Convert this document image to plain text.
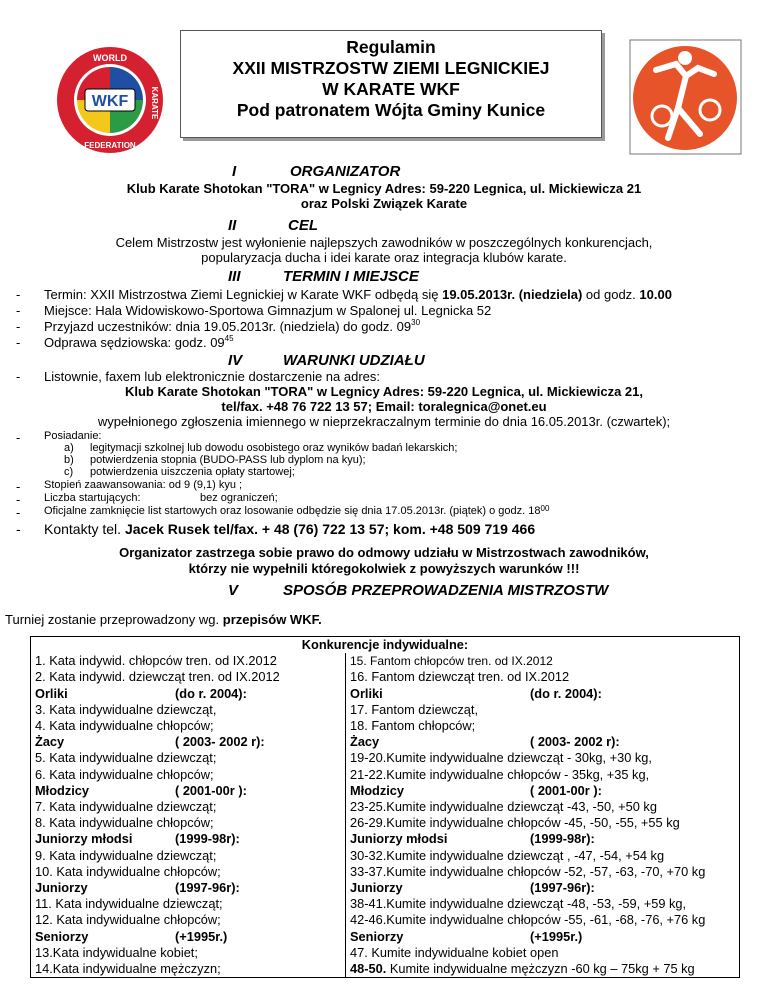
WKF
WORLD
KARATE
FEDERATION
Regulamin
XXII MISTRZOSTW ZIEMI LEGNICKIEJ
W KARATE WKF
Pod patronatem Wójta Gminy Kunice
I	ORGANIZATOR
Klub Karate Shotokan "TORA" w Legnicy Adres: 59-220 Legnica, ul. Mickiewicza 21
oraz Polski Związek Karate
II	CEL
Celem Mistrzostw jest wyłonienie najlepszych zawodników w poszczególnych konkurencjach,
popularyzacja ducha i idei karate oraz integracja klubów karate.
III	TERMIN I MIEJSCE
- Termin: XXII Mistrzostwa Ziemi Legnickiej w Karate WKF odbędą się 19.05.2013r. (niedziela) od godz. 10.00
- Miejsce: Hala Widowiskowo-Sportowa Gimnazjum w Spalonej ul. Legnicka 52
- Przyjazd uczestników: dnia 19.05.2013r. (niedziela) do godz. $09^{30}$
- Odprawa sędziowska: godz. $09^{45}$
IV	WARUNKI UDZIAŁU
- Listownie, faxem lub elektronicznie dostarczenie na adres:
Klub Karate Shotokan "TORA" w Legnicy Adres: 59-220 Legnica, ul. Mickiewicza 21,
tel/fax. +48 76 722 13 57; Email: toralegnica@onet.eu
wypełnionego zgłoszenia imiennego w nieprzekraczalnym terminie do dnia 16.05.2013r. (czwartek);
- Posiadanie:
a) legitymacji szkolnej lub dowodu osobistego oraz wyników badań lekarskich;
b) potwierdzenia stopnia (BUDO-PASS lub dyplom na kyu);
c) potwierdzenia uiszczenia opłaty startowej;
- Stopień zaawansowania: od 9 (9,1) kyu ;
- Liczba startujących:	bez ograniczeń;
- Oficjalne zamknięcie list startowych oraz losowanie odbędzie się dnia 17.05.2013r. (piątek) o godz. $18^{00}$
- Kontakty tel. Jacek Rusek tel/fax. + 48 (76) 722 13 57; kom. +48 509 719 466
Organizator zastrzega sobie prawo do odmowy udziału w Mistrzostwach zawodników,
którzy nie wypełnili któregokolwiek z powyższych warunków !!!
V	SPOSÓB PRZEPROWADZENIA MISTRZOSTW
Turniej zostanie przeprowadzony wg. przepisów WKF.
Konkurencje indywidualne:

1. Kata indywid. chłopców tren. od IX.2012
2. Kata indywid. dziewcząt tren. od IX.2012
Orliki	(do r. 2004):
3. Kata indywidualne dziewcząt,
4. Kata indywidualne chłopców;
Żacy	( 2003- 2002 r):
5. Kata indywidualne dziewcząt;
6. Kata indywidualne chłopców;
Młodzicy	( 2001-00r ):
7. Kata indywidualne dziewcząt;
8. Kata indywidualne chłopców;
Juniorzy młodsi	(1999-98r):
9. Kata indywidualne dziewcząt;
10. Kata indywidualne chłopców;
Juniorzy	(1997-96r):
11. Kata indywidualne dziewcząt;
12. Kata indywidualne chłopców;
Seniorzy	(+1995r.)
13.Kata indywidualne kobiet;
14.Kata indywidualne mężczyzn;

15. Fantom chłopców tren. od IX.2012
16. Fantom dziewcząt tren. od IX.2012
Orliki	(do r. 2004):
17. Fantom dziewcząt,
18. Fantom chłopców;
Żacy	( 2003- 2002 r):
19-20.Kumite indywidualne dziewcząt - 30kg, +30 kg,
21-22.Kumite indywidualne chłopców - 35kg, +35 kg,
Młodzicy	( 2001-00r ):
23-25.Kumite indywidualne dziewcząt -43, -50, +50 kg
26-29.Kumite indywidualne chłopców -45, -50, -55, +55 kg
Juniorzy młodsi	(1999-98r):
30-32.Kumite indywidualne dziewcząt , -47, -54, +54 kg
33-37.Kumite indywidualne chłopców -52, -57, -63, -70, +70 kg
Juniorzy	(1997-96r):
38-41.Kumite indywidualne dziewcząt -48, -53, -59, +59 kg,
42-46.Kumite indywidualne chłopców -55, -61, -68, -76, +76 kg
Seniorzy	(+1995r.)
47. Kumite indywidualne kobiet open
48-50. Kumite indywidualne mężczyzn -60 kg – 75kg + 75 kg
